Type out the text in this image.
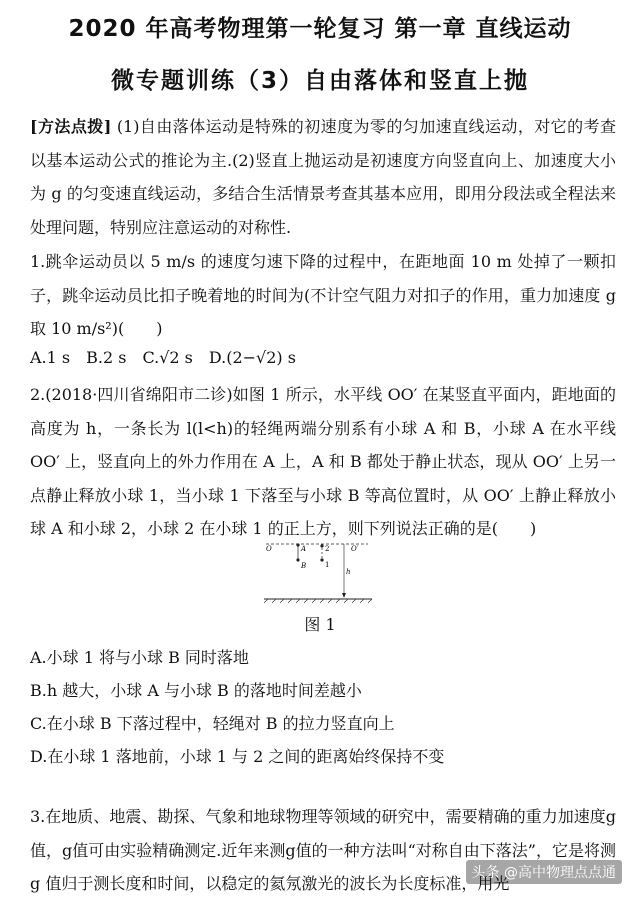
2020 年高考物理第一轮复习 第一章 直线运动
微专题训练（3）自由落体和竖直上抛
[方法点拨] (1)自由落体运动是特殊的初速度为零的匀加速直线运动，对它的考查以基本运动公式的推论为主.(2)竖直上抛运动是初速度方向竖直向上、加速度大小为 g 的匀变速直线运动，多结合生活情景考查其基本应用，即用分段法或全程法来处理问题，特别应注意运动的对称性.
1.跳伞运动员以 5 m/s 的速度匀速下降的过程中，在距地面 10 m 处掉了一颗扣子，跳伞运动员比扣子晚着地的时间为(不计空气阻力对扣子的作用，重力加速度 g 取 10 m/s²)(　　)
A.1 s　B.2 s　C.√2 s　D.(2−√2) s
2.(2018·四川省绵阳市二诊)如图 1 所示，水平线 OO′ 在某竖直平面内，距地面的高度为 h，一条长为 l(l<h)的轻绳两端分别系有小球 A 和 B，小球 A 在水平线 OO′ 上，竖直向上的外力作用在 A 上，A 和 B 都处于静止状态，现从 OO′ 上另一点静止释放小球 1，当小球 1 下落至与小球 B 等高位置时，从 OO′ 上静止释放小球 A 和小球 2，小球 2 在小球 1 的正上方，则下列说法正确的是(　　)
O	O′
A
B
2
1
h
图 1
A.小球 1 将与小球 B 同时落地
B.h 越大，小球 A 与小球 B 的落地时间差越小
C.在小球 B 下落过程中，轻绳对 B 的拉力竖直向上
D.在小球 1 落地前，小球 1 与 2 之间的距离始终保持不变
3.在地质、地震、勘探、气象和地球物理等领域的研究中，需要精确的重力加速度g值，g值可由实验精确测定.近年来测g值的一种方法叫“对称自由下落法”，它是将测 g 值归于测长度和时间，以稳定的氦氖激光的波长为长度标准，用光
头条 @高中物理点点通
